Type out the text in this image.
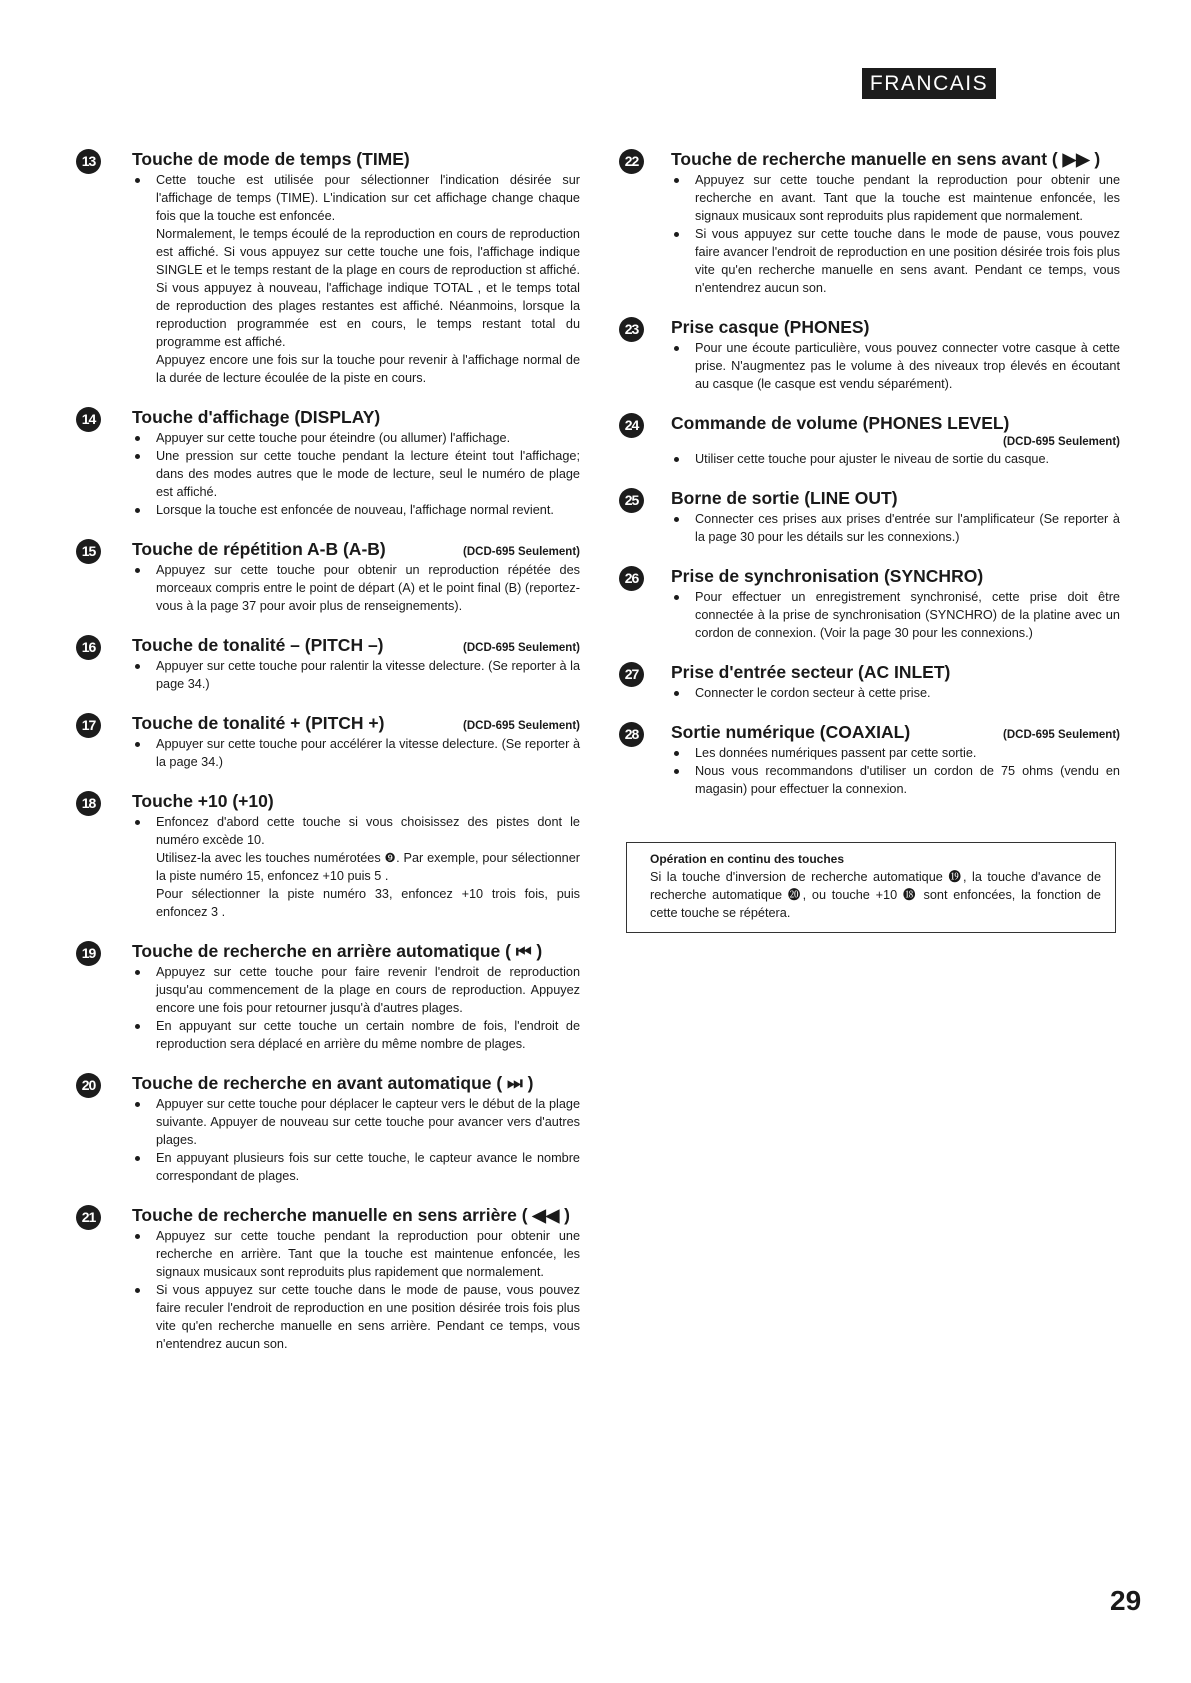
FRANCAIS
13	Touche de mode de temps (TIME)
Cette touche est utilisée pour sélectionner l'indication désirée sur l'affichage de temps (TIME). L'indication sur cet affichage change chaque fois que la touche est enfoncée.
Normalement, le temps écoulé de la reproduction en cours de reproduction est affiché. Si vous appuyez sur cette touche une fois, l'affichage indique SINGLE et le temps restant de la plage en cours de reproduction st affiché. Si vous appuyez à nouveau, l'affichage indique TOTAL , et le temps total de reproduction des plages restantes est affiché. Néanmoins, lorsque la reproduction programmée est en cours, le temps restant total du programme est affiché.
Appuyez encore une fois sur la touche pour revenir à l'affichage normal de la durée de lecture écoulée de la piste en cours.
14	Touche d'affichage (DISPLAY)
Appuyer sur cette touche pour éteindre (ou allumer) l'affichage.
Une pression sur cette touche pendant la lecture éteint tout l'affichage; dans des modes autres que le mode de lecture, seul le numéro de plage est affiché.
Lorsque la touche est enfoncée de nouveau, l'affichage normal revient.
15	Touche de répétition A-B (A-B)	(DCD-695 Seulement)
Appuyez sur cette touche pour obtenir un reproduction répétée des morceaux compris entre le point de départ (A) et le point final (B) (reportez-vous à la page 37 pour avoir plus de renseignements).
16	Touche de tonalité – (PITCH –)	(DCD-695 Seulement)
Appuyer sur cette touche pour ralentir la vitesse delecture. (Se reporter à la page 34.)
17	Touche de tonalité + (PITCH +)	(DCD-695 Seulement)
Appuyer sur cette touche pour accélérer la vitesse delecture. (Se reporter à la page 34.)
18	Touche +10 (+10)
Enfoncez d'abord cette touche si vous choisissez des pistes dont le numéro excède 10.
Utilisez-la avec les touches numérotées ❾. Par exemple, pour sélectionner la piste numéro 15, enfoncez +10 puis 5 .
Pour sélectionner la piste numéro 33, enfoncez +10 trois fois, puis enfoncez 3 .
19	Touche de recherche en arrière automatique ( ⏮ )
Appuyez sur cette touche pour faire revenir l'endroit de reproduction jusqu'au commencement de la plage en cours de reproduction. Appuyez encore une fois pour retourner jusqu'à d'autres plages.
En appuyant sur cette touche un certain nombre de fois, l'endroit de reproduction sera déplacé en arrière du même nombre de plages.
20	Touche de recherche en avant automatique ( ⏭ )
Appuyer sur cette touche pour déplacer le capteur vers le début de la plage suivante. Appuyer de nouveau sur cette touche pour avancer vers d'autres plages.
En appuyant plusieurs fois sur cette touche, le capteur avance le nombre correspondant de plages.
21	Touche de recherche manuelle en sens arrière ( ◀◀ )
Appuyez sur cette touche pendant la reproduction pour obtenir une recherche en arrière. Tant que la touche est maintenue enfoncée, les signaux musicaux sont reproduits plus rapidement que normalement.
Si vous appuyez sur cette touche dans le mode de pause, vous pouvez faire reculer l'endroit de reproduction en une position désirée trois fois plus vite qu'en recherche manuelle en sens arrière. Pendant ce temps, vous n'entendrez aucun son.
22	Touche de recherche manuelle en sens avant ( ▶▶ )
Appuyez sur cette touche pendant la reproduction pour obtenir une recherche en avant. Tant que la touche est maintenue enfoncée, les signaux musicaux sont reproduits plus rapidement que normalement.
Si vous appuyez sur cette touche dans le mode de pause, vous pouvez faire avancer l'endroit de reproduction en une position désirée trois fois plus vite qu'en recherche manuelle en sens avant. Pendant ce temps, vous n'entendrez aucun son.
23	Prise casque (PHONES)
Pour une écoute particulière, vous pouvez connecter votre casque à cette prise. N'augmentez pas le volume à des niveaux trop élevés en écoutant au casque (le casque est vendu séparément).
24	Commande de volume (PHONES LEVEL)
(DCD-695 Seulement)
Utiliser cette touche pour ajuster le niveau de sortie du casque.
25	Borne de sortie (LINE OUT)
Connecter ces prises aux prises d'entrée sur l'amplificateur (Se reporter à la page 30 pour les détails sur les connexions.)
26	Prise de synchronisation (SYNCHRO)
Pour effectuer un enregistrement synchronisé, cette prise doit être connectée à la prise de synchronisation (SYNCHRO) de la platine avec un cordon de connexion. (Voir la page 30 pour les connexions.)
27	Prise d'entrée secteur (AC INLET)
Connecter le cordon secteur à cette prise.
28	Sortie numérique (COAXIAL)	(DCD-695 Seulement)
Les données numériques passent par cette sortie.
Nous vous recommandons d'utiliser un cordon de 75 ohms (vendu en magasin) pour effectuer la connexion.
Opération en continu des touches
Si la touche d'inversion de recherche automatique ⓳, la touche d'avance de recherche automatique ⓴, ou touche +10 ⓲ sont enfoncées, la fonction de cette touche se répétera.
29
